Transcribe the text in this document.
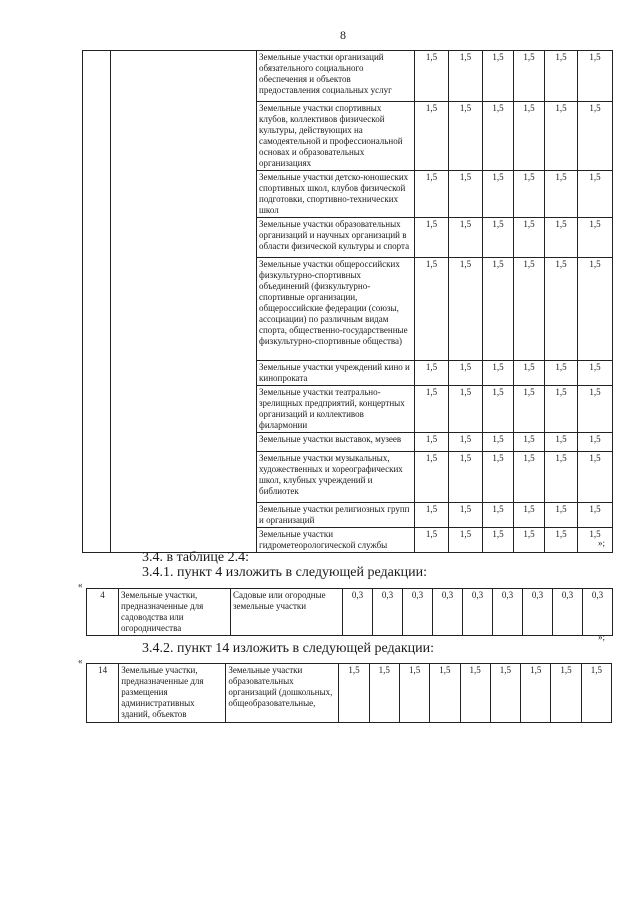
8
		Земельные участки организаций обязательного социального обеспечения и объектов предоставления социальных услуг	1,5	1,5	1,5	1,5	1,5	1,5
		Земельные участки спортивных клубов, коллективов физической культуры, действующих на самодеятельной и профессиональной основах и образовательных организациях	1,5	1,5	1,5	1,5	1,5	1,5
		Земельные участки детско-юношеских спортивных школ, клубов физической подготовки, спортивно-технических школ	1,5	1,5	1,5	1,5	1,5	1,5
		Земельные участки образовательных организаций и научных организаций в области физической культуры и спорта	1,5	1,5	1,5	1,5	1,5	1,5
		Земельные участки общероссийских физкультурно-спортивных объединений (физкультурно-спортивные организации, общероссийские федерации (союзы, ассоциации) по различным видам спорта, общественно-государственные физкультурно-спортивные общества)	1,5	1,5	1,5	1,5	1,5	1,5
		Земельные участки учреждений кино и кинопроката	1,5	1,5	1,5	1,5	1,5	1,5
		Земельные участки театрально-зрелищных предприятий, концертных организаций и коллективов филармонии	1,5	1,5	1,5	1,5	1,5	1,5
		Земельные участки выставок, музеев	1,5	1,5	1,5	1,5	1,5	1,5
		Земельные участки музыкальных, художественных и хореографических школ, клубных учреждений и библиотек	1,5	1,5	1,5	1,5	1,5	1,5
		Земельные участки религиозных групп и организаций	1,5	1,5	1,5	1,5	1,5	1,5
		Земельные участки гидрометеорологической службы	1,5	1,5	1,5	1,5	1,5	1,5
»;
3.4. в таблице 2.4:
3.4.1. пункт 4 изложить в следующей редакции:
«
4	Земельные участки, предназначенные для садоводства или огородничества	Садовые или огородные земельные участки	0,3	0,3	0,3	0,3	0,3	0,3	0,3	0,3	0,3
»;
3.4.2. пункт 14 изложить в следующей редакции:
«
14	Земельные участки, предназначенные для размещения административных зданий, объектов	Земельные участки образовательных организаций (дошкольных, общеобразовательные,	1,5	1,5	1,5	1,5	1,5	1,5	1,5	1,5	1,5
